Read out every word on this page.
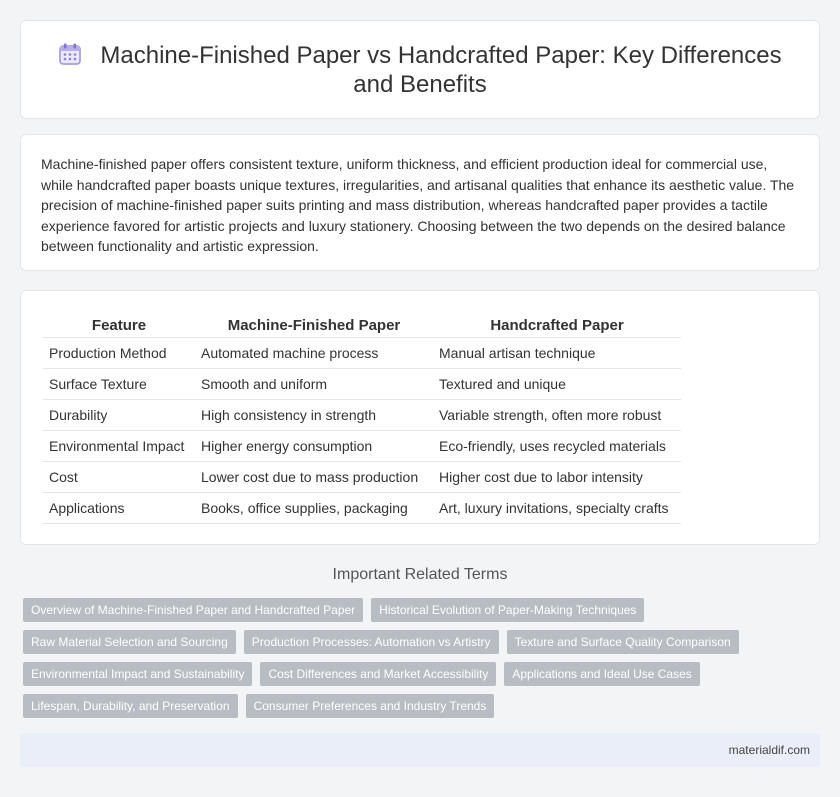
Machine-Finished Paper vs Handcrafted Paper: Key Differences and Benefits

Machine-finished paper offers consistent texture, uniform thickness, and efficient production ideal for commercial use, while handcrafted paper boasts unique textures, irregularities, and artisanal qualities that enhance its aesthetic value. The precision of machine-finished paper suits printing and mass distribution, whereas handcrafted paper provides a tactile experience favored for artistic projects and luxury stationery. Choosing between the two depends on the desired balance between functionality and artistic expression.

Feature	Machine-Finished Paper	Handcrafted Paper
Production Method	Automated machine process	Manual artisan technique
Surface Texture	Smooth and uniform	Textured and unique
Durability	High consistency in strength	Variable strength, often more robust
Environmental Impact	Higher energy consumption	Eco-friendly, uses recycled materials
Cost	Lower cost due to mass production	Higher cost due to labor intensity
Applications	Books, office supplies, packaging	Art, luxury invitations, specialty crafts
Important Related Terms
Overview of Machine-Finished Paper and Handcrafted Paper	Historical Evolution of Paper-Making Techniques
Raw Material Selection and Sourcing	Production Processes: Automation vs Artistry	Texture and Surface Quality Comparison
Environmental Impact and Sustainability	Cost Differences and Market Accessibility	Applications and Ideal Use Cases
Lifespan, Durability, and Preservation	Consumer Preferences and Industry Trends
materialdif.com
